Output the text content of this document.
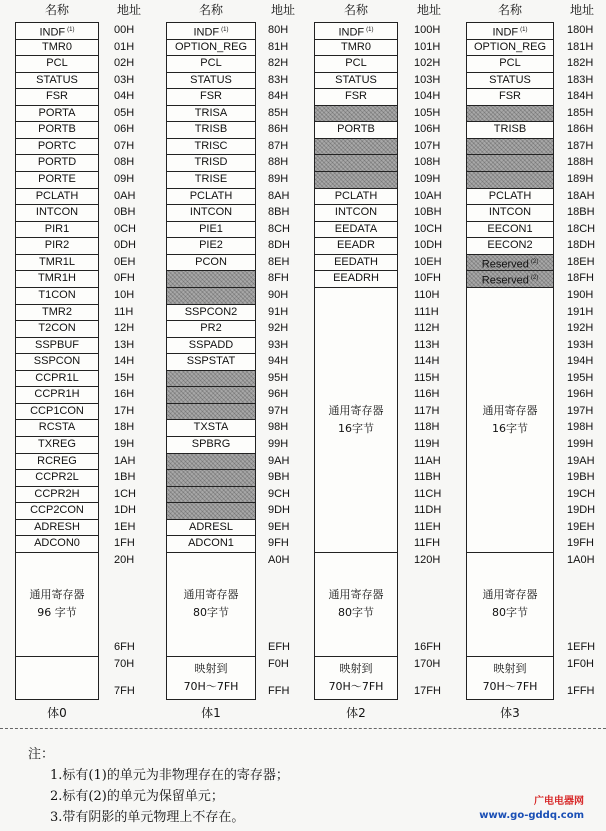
名称	地址
INDF $^{(1)}$	00H
TMR0	01H
PCL	02H
STATUS	03H
FSR	04H
PORTA	05H
PORTB	06H
PORTC	07H
PORTD	08H
PORTE	09H
PCLATH	0AH
INTCON	0BH
PIR1	0CH
PIR2	0DH
TMR1L	0EH
TMR1H	0FH
T1CON	10H
TMR2	11H
T2CON	12H
SSPBUF	13H
SSPCON	14H
CCPR1L	15H
CCPR1H	16H
CCP1CON	17H
RCSTA	18H
TXREG	19H
RCREG	1AH
CCPR2L	1BH
CCPR2H	1CH
CCP2CON	1DH
ADRESH	1EH
ADCON0	1FH
通用寄存器
96 字节
20H
6FH
70H
7FH
体0
名称	地址
INDF $^{(1)}$	80H
OPTION_REG	81H
PCL	82H
STATUS	83H
FSR	84H
TRISA	85H
TRISB	86H
TRISC	87H
TRISD	88H
TRISE	89H
PCLATH	8AH
INTCON	8BH
PIE1	8CH
PIE2	8DH
PCON	8EH
8FH
90H
SSPCON2	91H
PR2	92H
SSPADD	93H
SSPSTAT	94H
95H
96H
97H
TXSTA	98H
SPBRG	99H
9AH
9BH
9CH
9DH
ADRESL	9EH
ADCON1	9FH
通用寄存器
80字节
A0H
EFH
映射到
70H～7FH
F0H
FFH
体1
名称	地址
INDF $^{(1)}$	100H
TMR0	101H
PCL	102H
STATUS	103H
FSR	104H
105H
PORTB	106H
107H
108H
109H
PCLATH	10AH
INTCON	10BH
EEDATA	10CH
EEADR	10DH
EEDATH	10EH
EEADRH	10FH
通用寄存器
16字节
110H
111H
112H
113H
114H
115H
116H
117H
118H
119H
11AH
11BH
11CH
11DH
11EH
11FH
通用寄存器
80字节
120H
16FH
映射到
70H～7FH
170H
17FH
体2
名称	地址
INDF $^{(1)}$	180H
OPTION_REG	181H
PCL	182H
STATUS	183H
FSR	184H
185H
TRISB	186H
187H
188H
189H
PCLATH	18AH
INTCON	18BH
EECON1	18CH
EECON2	18DH
Reserved $^{(2)}$	18EH
Reserved $^{(2)}$	18FH
通用寄存器
16字节
190H
191H
192H
193H
194H
195H
196H
197H
198H
199H
19AH
19BH
19CH
19DH
19EH
19FH
通用寄存器
80字节
1A0H
1EFH
映射到
70H～7FH
1F0H
1FFH
体3
注：
1.标有(1)的单元为非物理存在的寄存器；
2.标有(2)的单元为保留单元；
3.带有阴影的单元物理上不存在。
广电电器网
www.go-gddq.com
